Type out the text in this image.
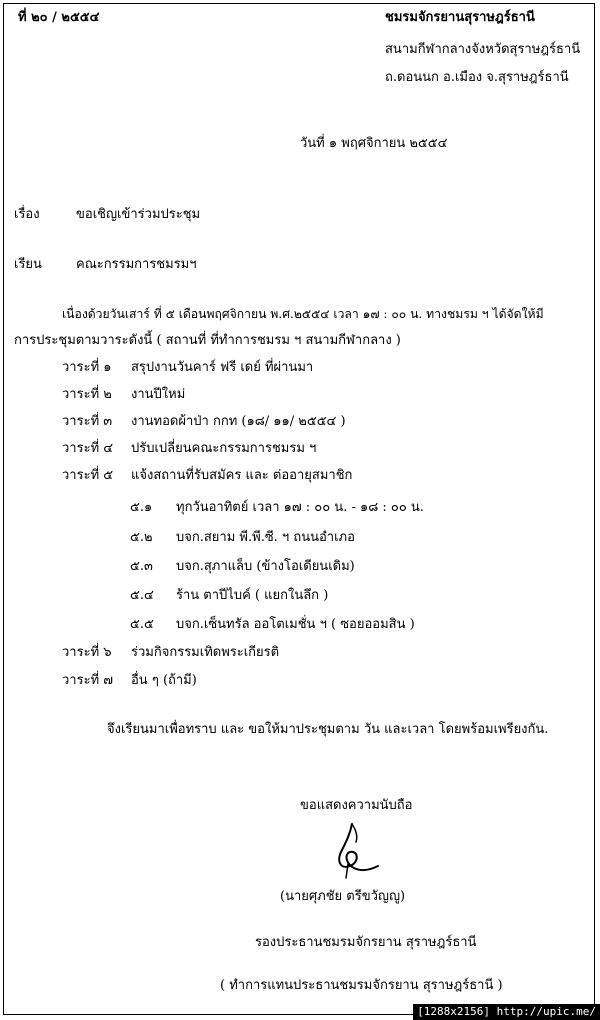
ที่ ๒๐ / ๒๕๕๔	ชมรมจักรยานสุราษฎร์ธานี
สนามกีฬากลางจังหวัดสุราษฎร์ธานี
ถ.ดอนนก อ.เมือง จ.สุราษฎร์ธานี
วันที่ ๑ พฤศจิกายน ๒๕๕๔
เรื่อง	ขอเชิญเข้าร่วมประชุม
เรียน	คณะกรรมการชมรมฯ
เนื่องด้วยวันเสาร์ ที่ ๕ เดือนพฤศจิกายน พ.ศ.๒๕๕๔ เวลา ๑๗ : ๐๐ น. ทางชมรม ฯ ได้จัดให้มี
การประชุมตามวาระดังนี้ ( สถานที่ ที่ทำการชมรม ฯ สนามกีฬากลาง )
วาระที่ ๑ สรุปงานวันคาร์ ฟรี เดย์ ที่ผ่านมา
วาระที่ ๒ งานปีใหม่
วาระที่ ๓ งานทอดผ้าป่า กกท (๑๘/ ๑๑/ ๒๕๕๔ )
วาระที่ ๔ ปรับเปลี่ยนคณะกรรมการชมรม ฯ
วาระที่ ๕ แจ้งสถานที่รับสมัคร และ ต่ออายุสมาชิก
๕.๑ ทุกวันอาทิตย์ เวลา ๑๗ : ๐๐ น. - ๑๘ : ๐๐ น.
๕.๒ บจก.สยาม พี.พี.ซี. ฯ ถนนอำเภอ
๕.๓ บจก.สุภาแล็บ (ข้างโอเดียนเดิม)
๕.๔ ร้าน ตาปีไบค์ ( แยกในลึก )
๕.๕ บจก.เซ็นทรัล ออโตเมชั่น ฯ ( ซอยออมสิน )
วาระที่ ๖ ร่วมกิจกรรมเทิดพระเกียรติ
วาระที่ ๗ อื่น ๆ (ถ้ามี)
จึงเรียนมาเพื่อทราบ และ ขอให้มาประชุมตาม วัน และเวลา โดยพร้อมเพรียงกัน.
ขอแสดงความนับถือ
(นายศุภชัย ตรีขวัญญู)
รองประธานชมรมจักรยาน สุราษฎร์ธานี
( ทำการแทนประธานชมรมจักรยาน สุราษฎร์ธานี )
[1288x2156] http://upic.me/
